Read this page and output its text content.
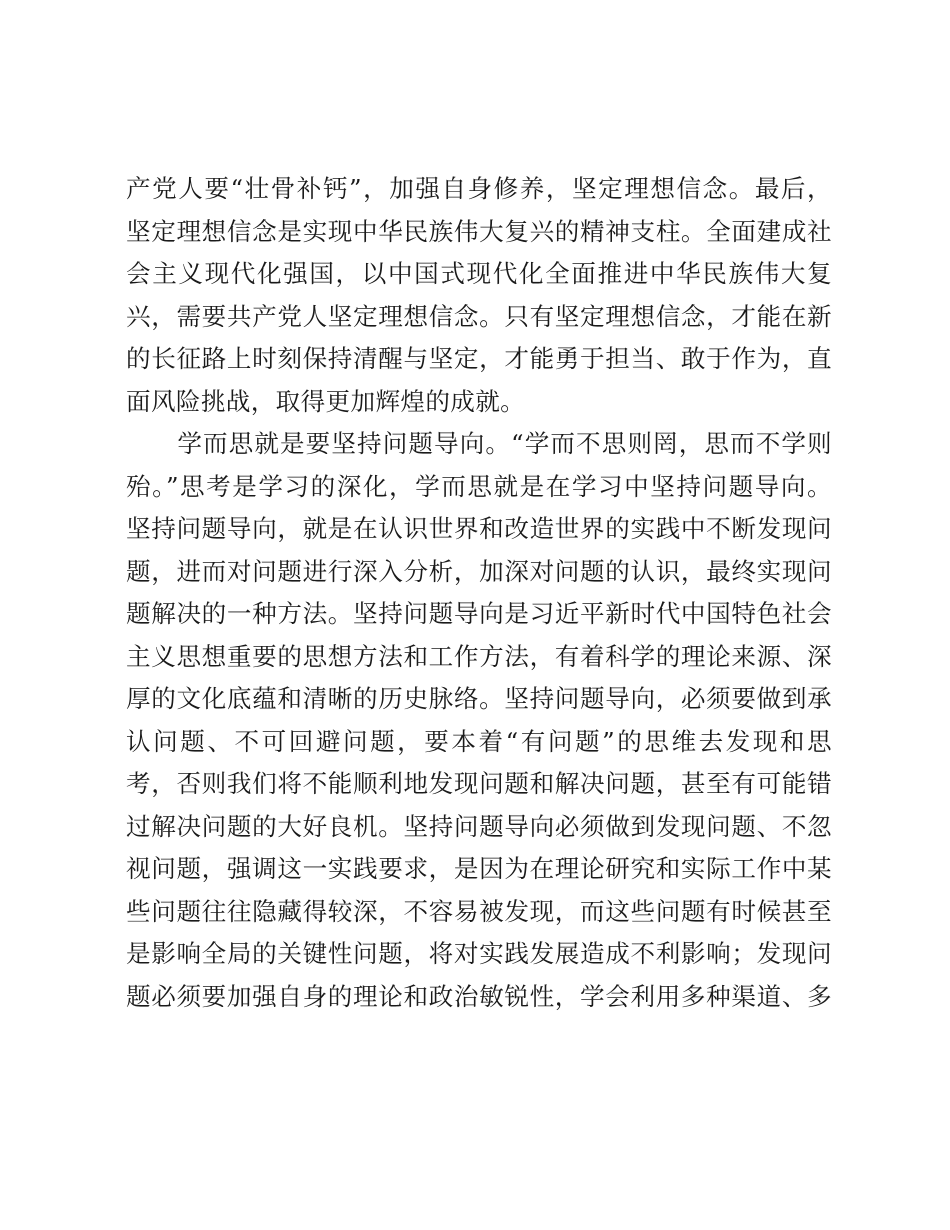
产党人要“壮骨补钙”，加强自身修养，坚定理想信念。最后，
坚定理想信念是实现中华民族伟大复兴的精神支柱。全面建成社
会主义现代化强国，以中国式现代化全面推进中华民族伟大复
兴，需要共产党人坚定理想信念。只有坚定理想信念，才能在新
的长征路上时刻保持清醒与坚定，才能勇于担当、敢于作为，直
面风险挑战，取得更加辉煌的成就。
　　学而思就是要坚持问题导向。“学而不思则罔，思而不学则
殆。”思考是学习的深化，学而思就是在学习中坚持问题导向。
坚持问题导向，就是在认识世界和改造世界的实践中不断发现问
题，进而对问题进行深入分析，加深对问题的认识，最终实现问
题解决的一种方法。坚持问题导向是习近平新时代中国特色社会
主义思想重要的思想方法和工作方法，有着科学的理论来源、深
厚的文化底蕴和清晰的历史脉络。坚持问题导向，必须要做到承
认问题、不可回避问题，要本着“有问题”的思维去发现和思
考，否则我们将不能顺利地发现问题和解决问题，甚至有可能错
过解决问题的大好良机。坚持问题导向必须做到发现问题、不忽
视问题，强调这一实践要求，是因为在理论研究和实际工作中某
些问题往往隐藏得较深，不容易被发现，而这些问题有时候甚至
是影响全局的关键性问题，将对实践发展造成不利影响；发现问
题必须要加强自身的理论和政治敏锐性，学会利用多种渠道、多
